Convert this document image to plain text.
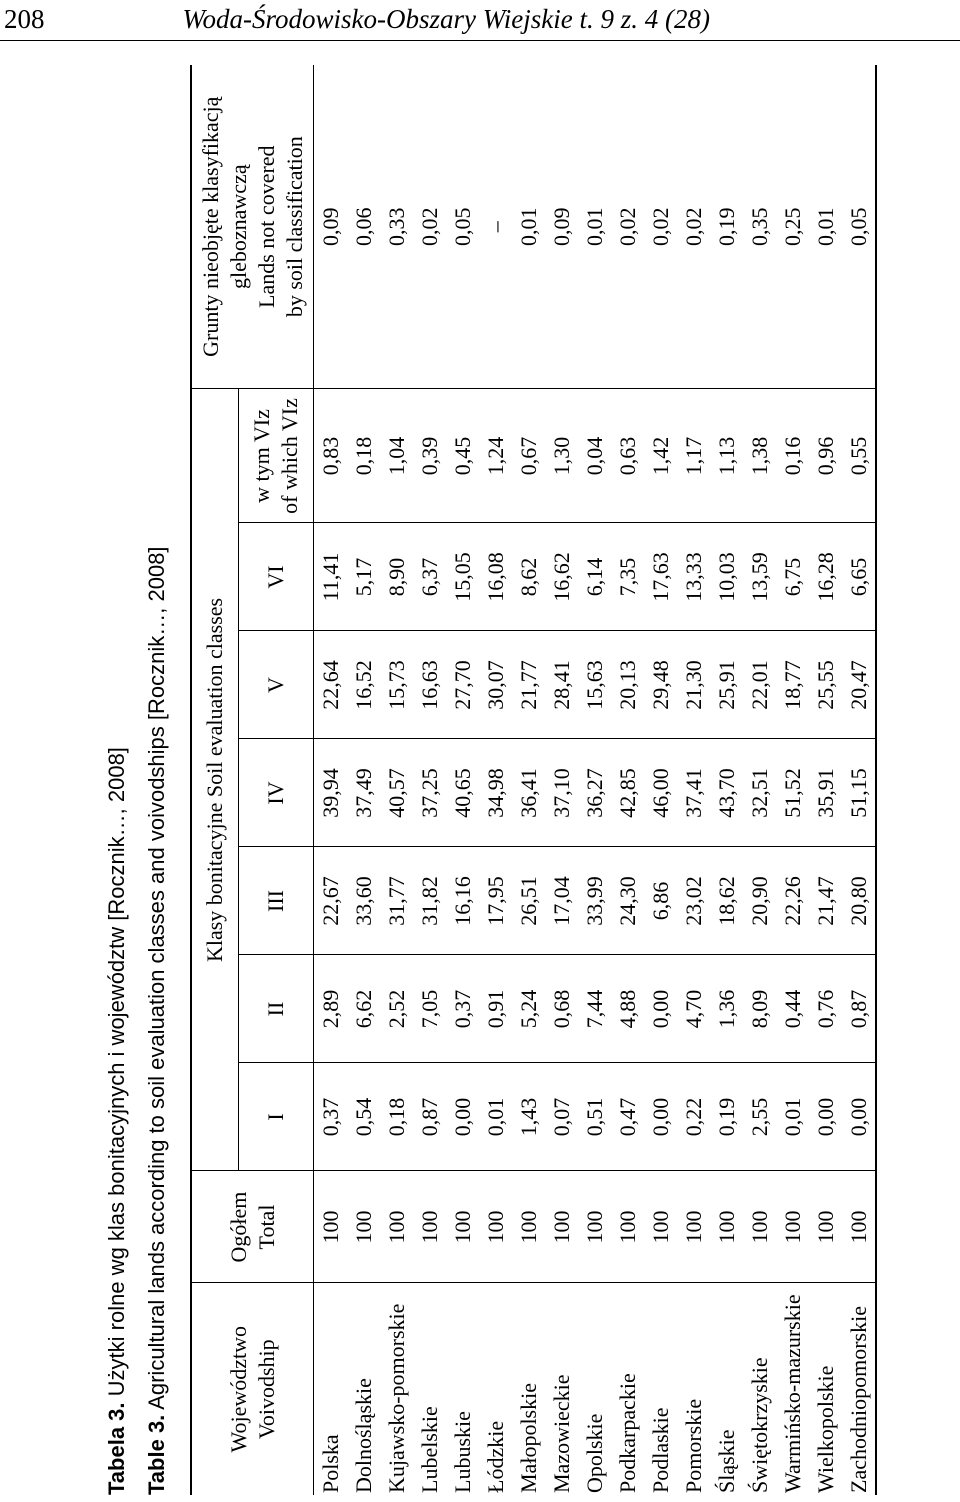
208	Woda-Środowisko-Obszary Wiejskie t. 9 z. 4 (28)
Tabela 3. Użytki rolne wg klas bonitacyjnych i województw [Rocznik…, 2008]
Table 3. Agricultural lands according to soil evaluation classes and voivodships [Rocznik…, 2008]	Województwo Voivodship	Ogółem Total	Klasy bonitacyjne Soil evaluation classes							Grunty nieobjęte klasyfikacją gleboznawczą Lands not covered by soil classification

		I	II	III	IV	V	VI	w tym VIz of which VIz	

Polska	100	0,37	2,89	22,67	39,94	22,64	11,41	0,83	0,09
Dolnośląskie	100	0,54	6,62	33,60	37,49	16,52	5,17	0,18	0,06
Kujawsko-pomorskie	100	0,18	2,52	31,77	40,57	15,73	8,90	1,04	0,33
Lubelskie	100	0,87	7,05	31,82	37,25	16,63	6,37	0,39	0,02
Lubuskie	100	0,00	0,37	16,16	40,65	27,70	15,05	0,45	0,05
Łódzkie	100	0,01	0,91	17,95	34,98	30,07	16,08	1,24	–
Małopolskie	100	1,43	5,24	26,51	36,41	21,77	8,62	0,67	0,01
Mazowieckie	100	0,07	0,68	17,04	37,10	28,41	16,62	1,30	0,09
Opolskie	100	0,51	7,44	33,99	36,27	15,63	6,14	0,04	0,01
Podkarpackie	100	0,47	4,88	24,30	42,85	20,13	7,35	0,63	0,02
Podlaskie	100	0,00	0,00	6,86	46,00	29,48	17,63	1,42	0,02
Pomorskie	100	0,22	4,70	23,02	37,41	21,30	13,33	1,17	0,02
Śląskie	100	0,19	1,36	18,62	43,70	25,91	10,03	1,13	0,19
Świętokrzyskie	100	2,55	8,09	20,90	32,51	22,01	13,59	1,38	0,35
Warmińsko-mazurskie	100	0,01	0,44	22,26	51,52	18,77	6,75	0,16	0,25
Wielkopolskie	100	0,00	0,76	21,47	35,91	25,55	16,28	0,96	0,01
Zachodniopomorskie	100	0,00	0,87	20,80	51,15	20,47	6,65	0,55	0,05
